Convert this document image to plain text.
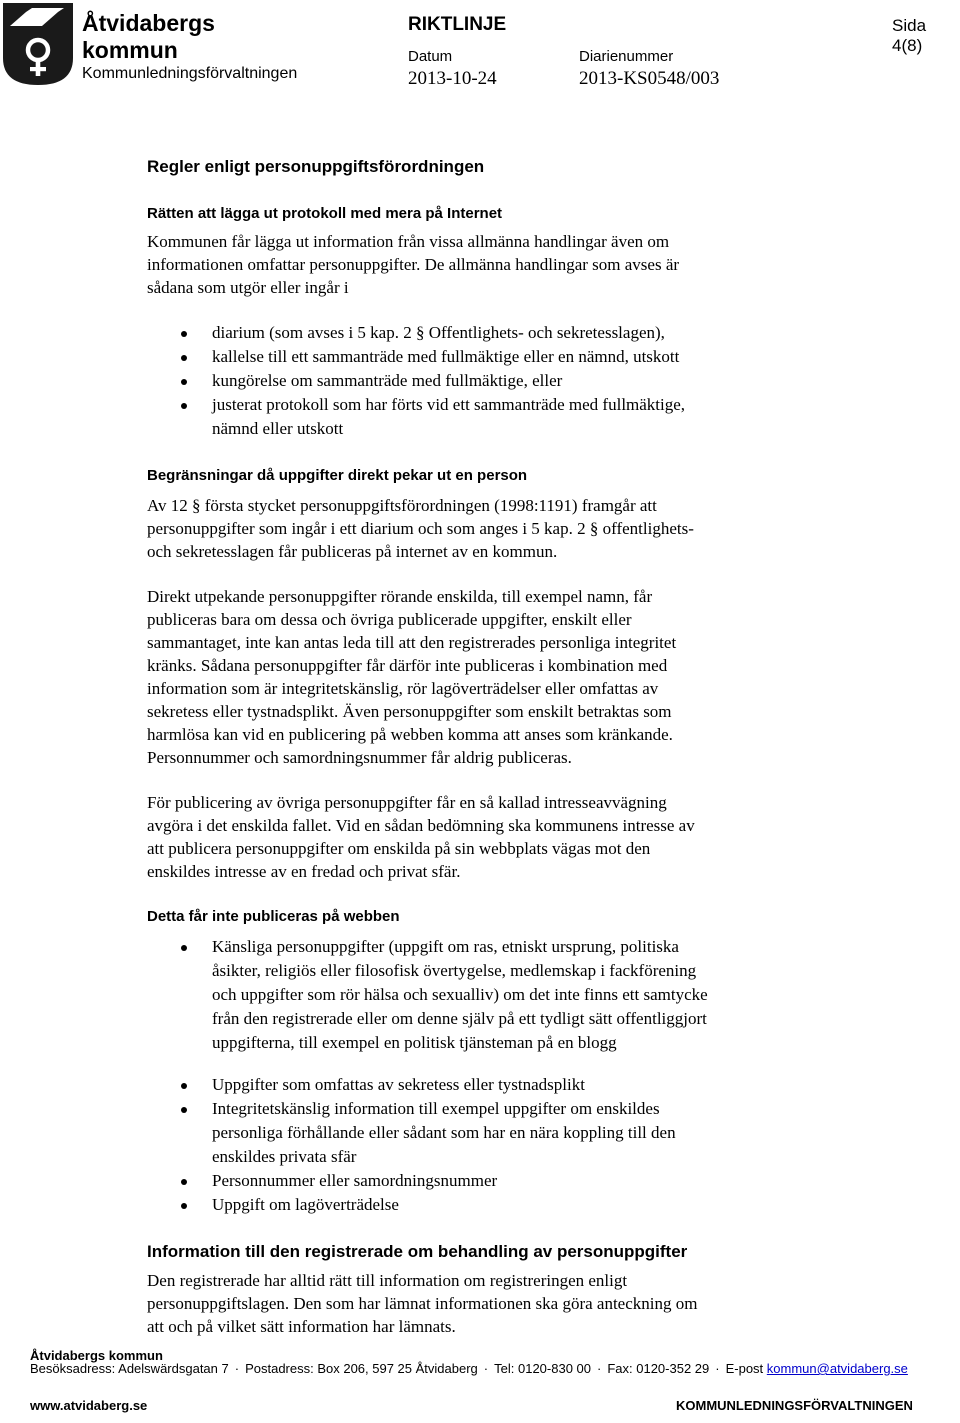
Åtvidabergs
kommun
Kommunledningsförvaltningen
RIKTLINJE	Sida 4(8)
Datum
2013-10-24
Diarienummer
2013-KS0548/003
Regler enligt personuppgiftsförordningen
Rätten att lägga ut protokoll med mera på Internet

Kommunen får lägga ut information från vissa allmänna handlingar även om
informationen omfattar personuppgifter. De allmänna handlingar som avses är
sådana som utgör eller ingår i

diarium (som avses i 5 kap. 2 § Offentlighets- och sekretesslagen),
kallelse till ett sammanträde med fullmäktige eller en nämnd, utskott
kungörelse om sammanträde med fullmäktige, eller
justerat protokoll som har förts vid ett sammanträde med fullmäktige,
nämnd eller utskott
Begränsningar då uppgifter direkt pekar ut en person

Av 12 § första stycket personuppgiftsförordningen (1998:1191) framgår att
personuppgifter som ingår i ett diarium och som anges i 5 kap. 2 § offentlighets-
och sekretesslagen får publiceras på internet av en kommun.

Direkt utpekande personuppgifter rörande enskilda, till exempel namn, får
publiceras bara om dessa och övriga publicerade uppgifter, enskilt eller
sammantaget, inte kan antas leda till att den registrerades personliga integritet
kränks. Sådana personuppgifter får därför inte publiceras i kombination med
information som är integritetskänslig, rör lagöverträdelser eller omfattas av
sekretess eller tystnadsplikt. Även personuppgifter som enskilt betraktas som
harmlösa kan vid en publicering på webben komma att anses som kränkande.
Personnummer och samordningsnummer får aldrig publiceras.

För publicering av övriga personuppgifter får en så kallad intresseavvägning
avgöra i det enskilda fallet. Vid en sådan bedömning ska kommunens intresse av
att publicera personuppgifter om enskilda på sin webbplats vägas mot den
enskildes intresse av en fredad och privat sfär.

Detta får inte publiceras på webben
Känsliga personuppgifter (uppgift om ras, etniskt ursprung, politiska
åsikter, religiös eller filosofisk övertygelse, medlemskap i fackförening
och uppgifter som rör hälsa och sexualliv) om det inte finns ett samtycke
från den registrerade eller om denne själv på ett tydligt sätt offentliggjort
uppgifterna, till exempel en politisk tjänsteman på en blogg
Uppgifter som omfattas av sekretess eller tystnadsplikt
Integritetskänslig information till exempel uppgifter om enskildes
personliga förhållande eller sådant som har en nära koppling till den
enskildes privata sfär
Personnummer eller samordningsnummer
Uppgift om lagöverträdelse
Information till den registrerade om behandling av personuppgifter

Den registrerade har alltid rätt till information om registreringen enligt
personuppgiftslagen. Den som har lämnat informationen ska göra anteckning om
att och på vilket sätt information har lämnats.

Åtvidabergs kommun
Besöksadress: Adelswärdsgatan 7 · Postadress: Box 206, 597 25 Åtvidaberg · Tel: 0120-830 00 · Fax: 0120-352 29 · E-post kommun@atvidaberg.se
www.atvidaberg.se	KOMMUNLEDNINGSFÖRVALTNINGEN
